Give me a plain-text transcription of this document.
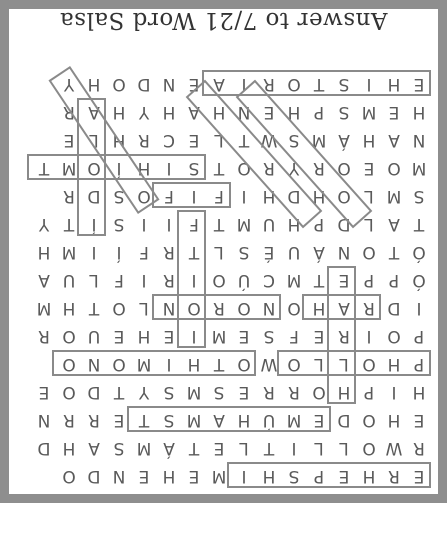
E
R
H
E
P
S
H
I
M
E
H
E
N
D
O
R
W
O
L
L
I
T
L
E
T
Á
M
S
A
H
D
E
H
O
D
E
M
Ú
H
A
M
S
T
E
R
R
N
H
I
P
H
O
R
R
E
S
M
S
Y
T
D
O
E
P
H
O
L
L
O
W
O
T
H
I
M
O
N
O
P
O
I
R
E
F
S
E
M
I
E
H
E
U
O
R
I
D
R
A
H
O
N
O
R
O
N
L
O
T
H
M
Ó
P
P
E
T
M
C
Ú
O
I
R
I
F
L
U
A
Ó
T
O
N
Á
U
É
S
L
T
R
F
Í
I
M
H
T
A
L
D
P
H
U
M
T
F
I
I
S
Í
T
Y
S
M
L
O
H
D
H
I
F
I
F
O
S
D
R
M
O
E
O
R
Y
R
O
T
S
I
H
Í
O
M
T
N
A
H
Á
M
S
W
T
L
E
C
R
H
L
E
H
E
M
S
P
H
E
N
H
A
H
Y
H
A
R
E
H
I
S
T
O
R
I
A
E
N
D
O
H
Y
Answer to 7/21 Word Salsa
